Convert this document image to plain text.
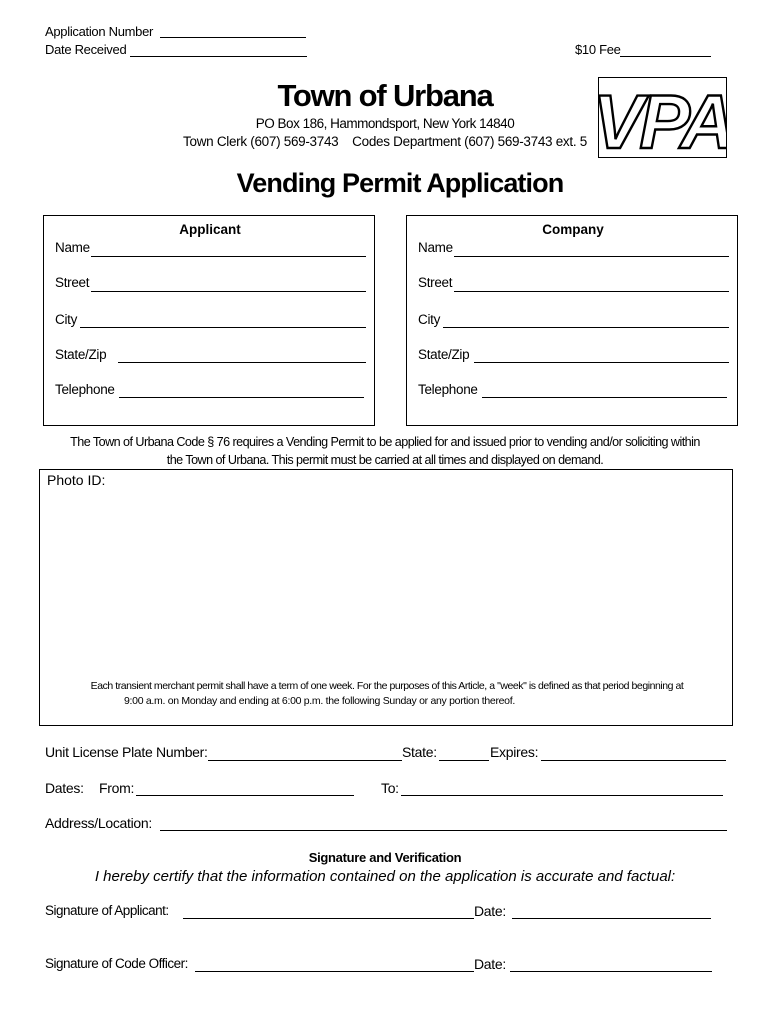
Application Number
Date Received	$10 Fee
Town of Urbana
PO Box 186, Hammondsport, New York 14840
Town Clerk (607) 569-3743    Codes Department (607) 569-3743 ext. 5 VPA
Vending Permit Application
Applicant
Name
Street
City
State/Zip
Telephone
Company
Name
Street
City
State/Zip
Telephone
The Town of Urbana Code § 76 requires a Vending Permit to be applied for and issued prior to vending and/or soliciting within
the Town of Urbana. This permit must be carried at all times and displayed on demand.
Photo ID:
Each transient merchant permit shall have a term of one week. For the purposes of this Article, a "week" is defined as that period beginning at
9:00 a.m. on Monday and ending at 6:00 p.m. the following Sunday or any portion thereof.
Unit License Plate Number:	State:	Expires:
Dates: From:	To:
Address/Location:
Signature and Verification
I hereby certify that the information contained on the application is accurate and factual:
Signature of Applicant:	Date:
Signature of Code Officer:	Date:
